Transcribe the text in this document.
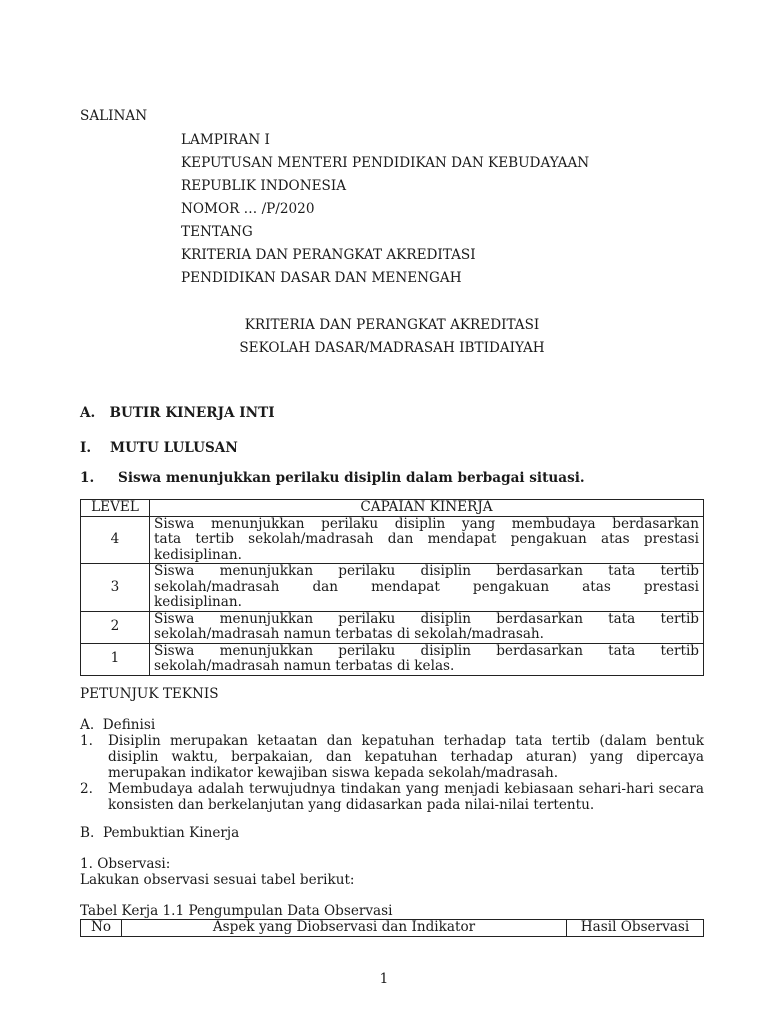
SALINAN
LAMPIRAN I
KEPUTUSAN MENTERI PENDIDIKAN DAN KEBUDAYAAN
REPUBLIK INDONESIA
NOMOR … /P/2020
TENTANG
KRITERIA DAN PERANGKAT AKREDITASI
PENDIDIKAN DASAR DAN MENENGAH
KRITERIA DAN PERANGKAT AKREDITASI
SEKOLAH DASAR/MADRASAH IBTIDAIYAH
A.   BUTIR KINERJA INTI
I.    MUTU LULUSAN
1. Siswa menunjukkan perilaku disiplin dalam berbagai situasi.
LEVEL	CAPAIAN KINERJA
4	Siswa menunjukkan perilaku disiplin yang membudaya berdasarkan
tata tertib sekolah/madrasah dan mendapat pengakuan atas prestasi
kedisiplinan.

3	Siswa menunjukkan perilaku disiplin berdasarkan tata tertib
sekolah/madrasah dan mendapat pengakuan atas prestasi
kedisiplinan.

2	Siswa menunjukkan perilaku disiplin berdasarkan tata tertib
sekolah/madrasah namun terbatas di sekolah/madrasah.

1	Siswa menunjukkan perilaku disiplin berdasarkan tata tertib
sekolah/madrasah namun terbatas di kelas.
PETUNJUK TEKNIS
A.  Definisi

1. Disiplin merupakan ketaatan dan kepatuhan terhadap tata tertib (dalam bentuk disiplin waktu, berpakaian, dan kepatuhan terhadap aturan) yang dipercaya merupakan indikator kewajiban siswa kepada sekolah/madrasah.

2. Membudaya adalah terwujudnya tindakan yang menjadi kebiasaan sehari-hari secara konsisten dan berkelanjutan yang didasarkan pada nilai-nilai tertentu.

B.  Pembuktian Kinerja
1. Observasi:
Lakukan observasi sesuai tabel berikut:
Tabel Kerja 1.1 Pengumpulan Data Observasi
No	Aspek yang Diobservasi dan Indikator	Hasil Observasi
1
